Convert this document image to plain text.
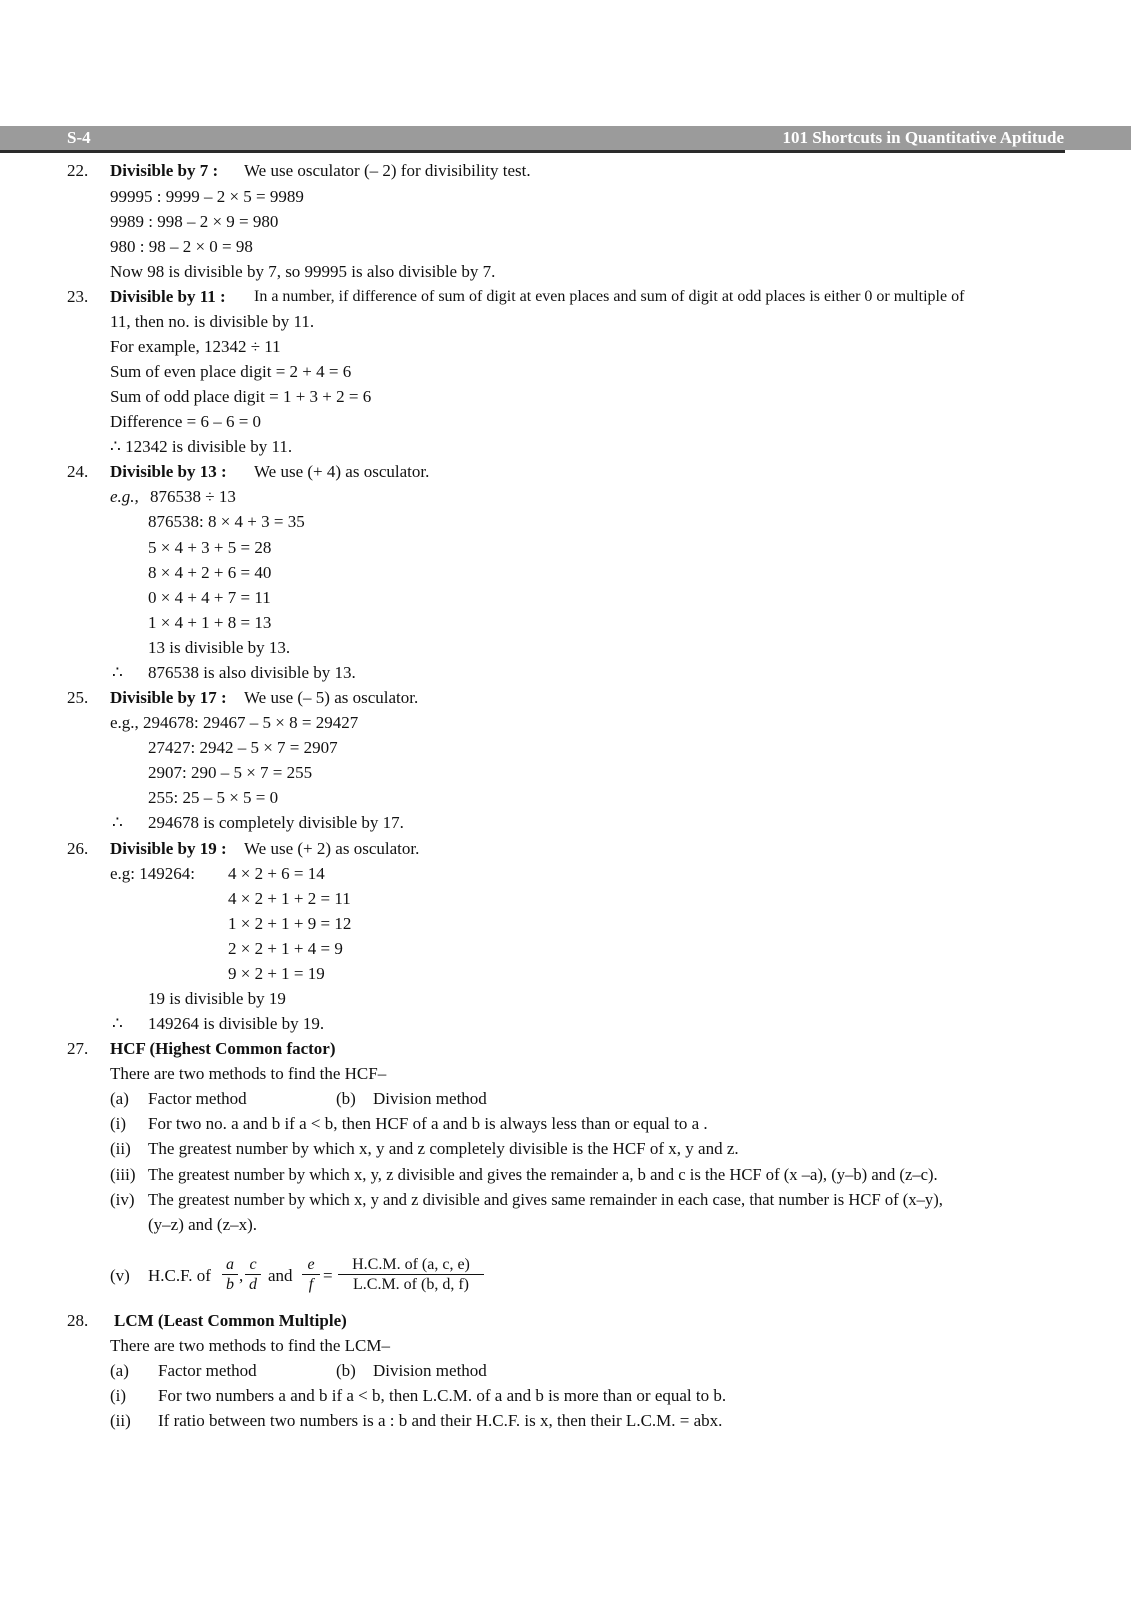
S-4	101 Shortcuts in Quantitative Aptitude
22. Divisible by 7 : We use osculator (– 2) for divisibility test.
99995 : 9999 – 2 × 5 = 9989
9989 : 998 – 2 × 9 = 980
980 : 98 – 2 × 0 = 98
Now 98 is divisible by 7, so 99995 is also divisible by 7.
23. Divisible by 11 : In a number, if difference of sum of digit at even places and sum of digit at odd places is either 0 or multiple of
11, then no. is divisible by 11.
For example, 12342 ÷ 11
Sum of even place digit = 2 + 4 = 6
Sum of odd place digit = 1 + 3 + 2 = 6
Difference = 6 – 6 = 0
∴ 12342 is divisible by 11.
24. Divisible by 13 : We use (+ 4) as osculator.
e.g., 876538 ÷ 13
876538: 8 × 4 + 3 = 35
5 × 4 + 3 + 5 = 28
8 × 4 + 2 + 6 = 40
0 × 4 + 4 + 7 = 11
1 × 4 + 1 + 8 = 13
13 is divisible by 13.
∴ 876538 is also divisible by 13.
25. Divisible by 17 : We use (– 5) as osculator.
e.g., 294678: 29467 – 5 × 8 = 29427
27427: 2942 – 5 × 7 = 2907
2907: 290 – 5 × 7 = 255
255: 25 – 5 × 5 = 0
∴ 294678 is completely divisible by 17.
26. Divisible by 19 : We use (+ 2) as osculator.
e.g: 149264: 4 × 2 + 6 = 14
4 × 2 + 1 + 2 = 11
1 × 2 + 1 + 9 = 12
2 × 2 + 1 + 4 = 9
9 × 2 + 1 = 19
19 is divisible by 19
∴ 149264 is divisible by 19.
27. HCF (Highest Common factor)
There are two methods to find the HCF–
(a) Factor method	(b) Division method
(i) For two no. a and b if a < b, then HCF of a and b is always less than or equal to a .
(ii) The greatest number by which x, y and z completely divisible is the HCF of x, y and z.
(iii) The greatest number by which x, y, z divisible and gives the remainder a, b and c is the HCF of (x –a), (y–b) and (z–c).
(iv) The greatest number by which x, y and z divisible and gives same remainder in each case, that number is HCF of (x–y),
(y–z) and (z–x).
(v) H.C.F. of
a
b ,
c
d and
e
f =
H.C.M. of (a, c, e)
L.C.M. of (b, d, f)
28. LCM (Least Common Multiple)
There are two methods to find the LCM–
(a) Factor method	(b) Division method
(i) For two numbers a and b if a < b, then L.C.M. of a and b is more than or equal to b.
(ii) If ratio between two numbers is a : b and their H.C.F. is x, then their L.C.M. = abx.
